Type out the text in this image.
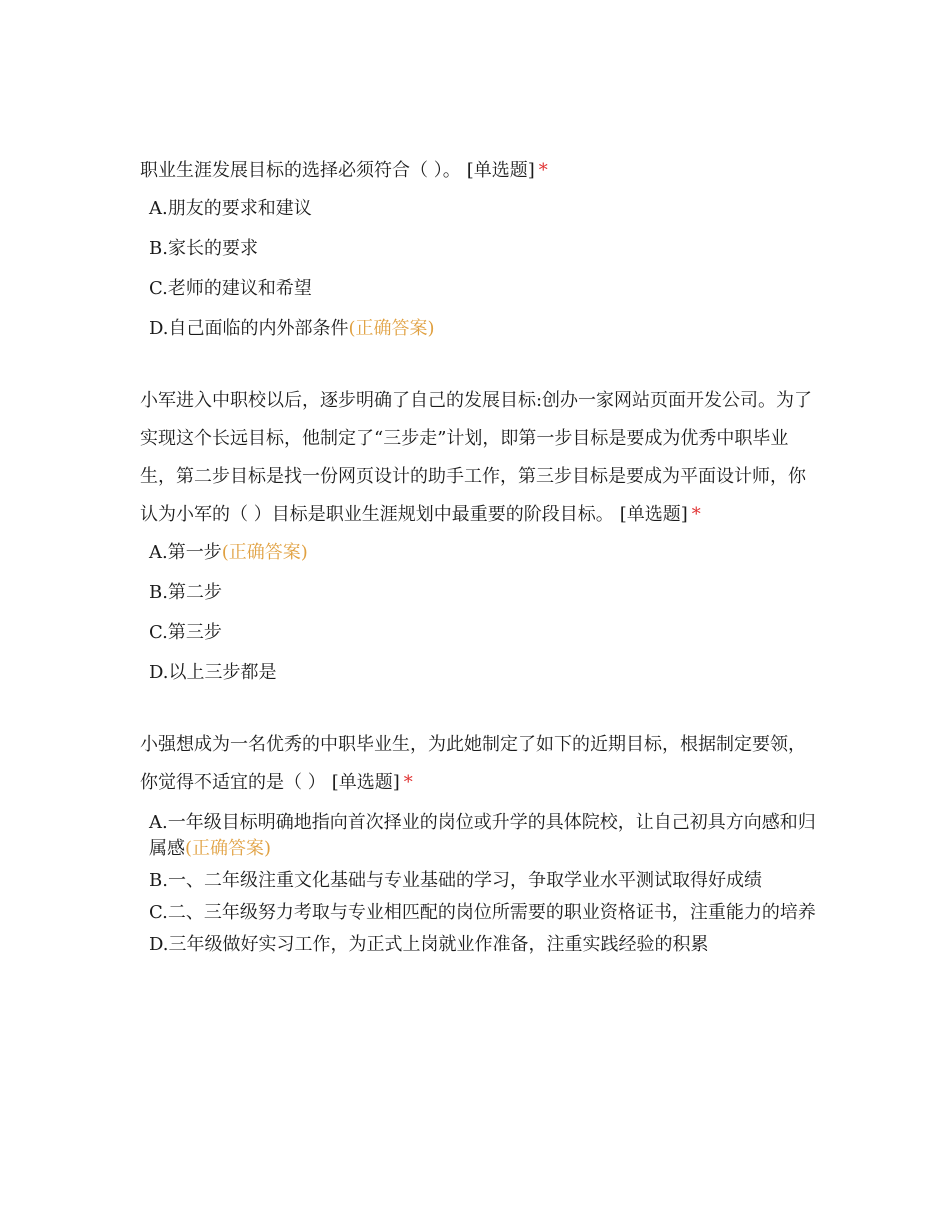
职业生涯发展目标的选择必须符合（ ）。 [单选题] *

A.朋友的要求和建议
B.家长的要求
C.老师的建议和希望
D.自己面临的内外部条件(正确答案)

小军进入中职校以后，逐步明确了自己的发展目标:创办一家网站页面开发公司。为了实现这个长远目标，他制定了“三步走”计划，即第一步目标是要成为优秀中职毕业生，第二步目标是找一份网页设计的助手工作，第三步目标是要成为平面设计师，你认为小军的（ ）目标是职业生涯规划中最重要的阶段目标。 [单选题] *

A.第一步(正确答案)
B.第二步
C.第三步
D.以上三步都是

小强想成为一名优秀的中职毕业生，为此她制定了如下的近期目标，根据制定要领，你觉得不适宜的是（ ） [单选题] *

A.一年级目标明确地指向首次择业的岗位或升学的具体院校，让自己初具方向感和归属感(正确答案)
B.一、二年级注重文化基础与专业基础的学习，争取学业水平测试取得好成绩
C.二、三年级努力考取与专业相匹配的岗位所需要的职业资格证书，注重能力的培养
D.三年级做好实习工作，为正式上岗就业作准备，注重实践经验的积累
